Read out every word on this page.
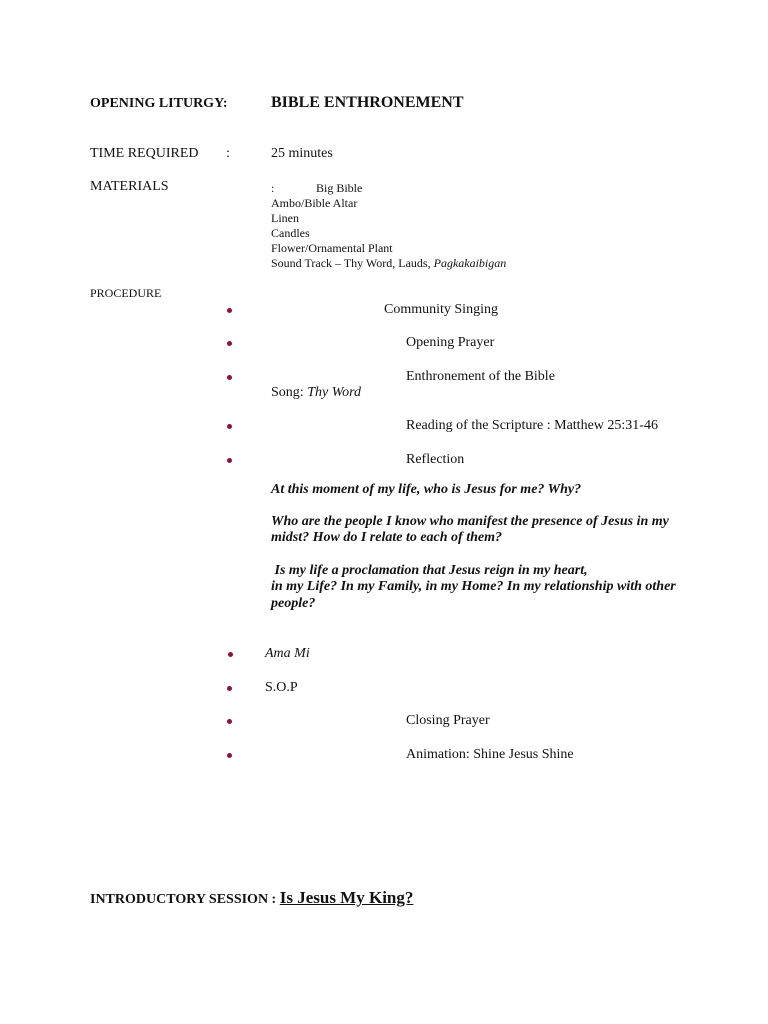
OPENING LITURGY:	BIBLE ENTHRONEMENT
TIME REQUIRED :	25 minutes
MATERIALS	:	Big Bible
Ambo/Bible Altar
Linen
Candles
Flower/Ornamental Plant
Sound Track – Thy Word, Lauds, Pagkakaibigan
PROCEDURE
Community Singing
Opening Prayer
Enthronement of the Bible
Song: Thy Word
Reading of the Scripture : Matthew 25:31-46
Reflection
At this moment of my life, who is Jesus for me? Why?
Who are the people I know who manifest the presence of Jesus in my
midst? How do I relate to each of them?
Is my life a proclamation that Jesus reign in my heart,
in my Life? In my Family, in my Home? In my relationship with other
people?
Ama Mi
S.O.P
Closing Prayer
Animation: Shine Jesus Shine
INTRODUCTORY SESSION : Is Jesus My King?
